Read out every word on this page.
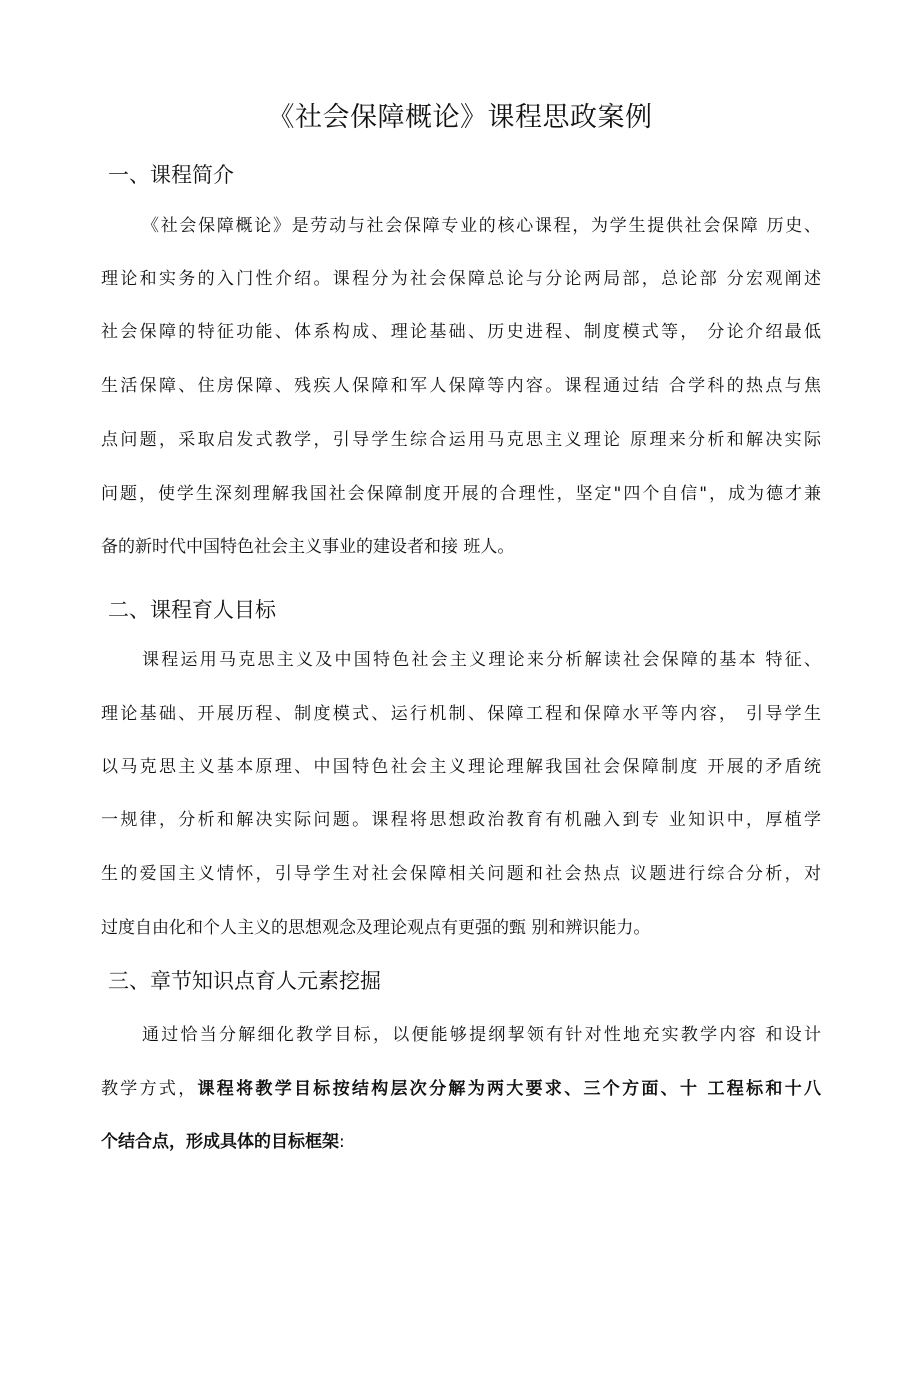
《社会保障概论》课程思政案例
一、课程简介

《社会保障概论》是劳动与社会保障专业的核心课程，为学生提供社会保障 历史、

理论和实务的入门性介绍。课程分为社会保障总论与分论两局部，总论部 分宏观阐述

社会保障的特征功能、体系构成、理论基础、历史进程、制度模式等， 分论介绍最低

生活保障、住房保障、残疾人保障和军人保障等内容。课程通过结 合学科的热点与焦

点问题，采取启发式教学，引导学生综合运用马克思主义理论 原理来分析和解决实际

问题，使学生深刻理解我国社会保障制度开展的合理性，坚定"四个自信"，成为德才兼

备的新时代中国特色社会主义事业的建设者和接 班人。

二、课程育人目标

课程运用马克思主义及中国特色社会主义理论来分析解读社会保障的基本 特征、

理论基础、开展历程、制度模式、运行机制、保障工程和保障水平等内容， 引导学生

以马克思主义基本原理、中国特色社会主义理论理解我国社会保障制度 开展的矛盾统

一规律，分析和解决实际问题。课程将思想政治教育有机融入到专 业知识中，厚植学

生的爱国主义情怀，引导学生对社会保障相关问题和社会热点 议题进行综合分析，对

过度自由化和个人主义的思想观念及理论观点有更强的甄 别和辨识能力。

三、章节知识点育人元素挖掘

通过恰当分解细化教学目标，以便能够提纲挈领有针对性地充实教学内容 和设计

教学方式，课程将教学目标按结构层次分解为两大要求、三个方面、十 工程标和十八

个结合点，形成具体的目标框架:
